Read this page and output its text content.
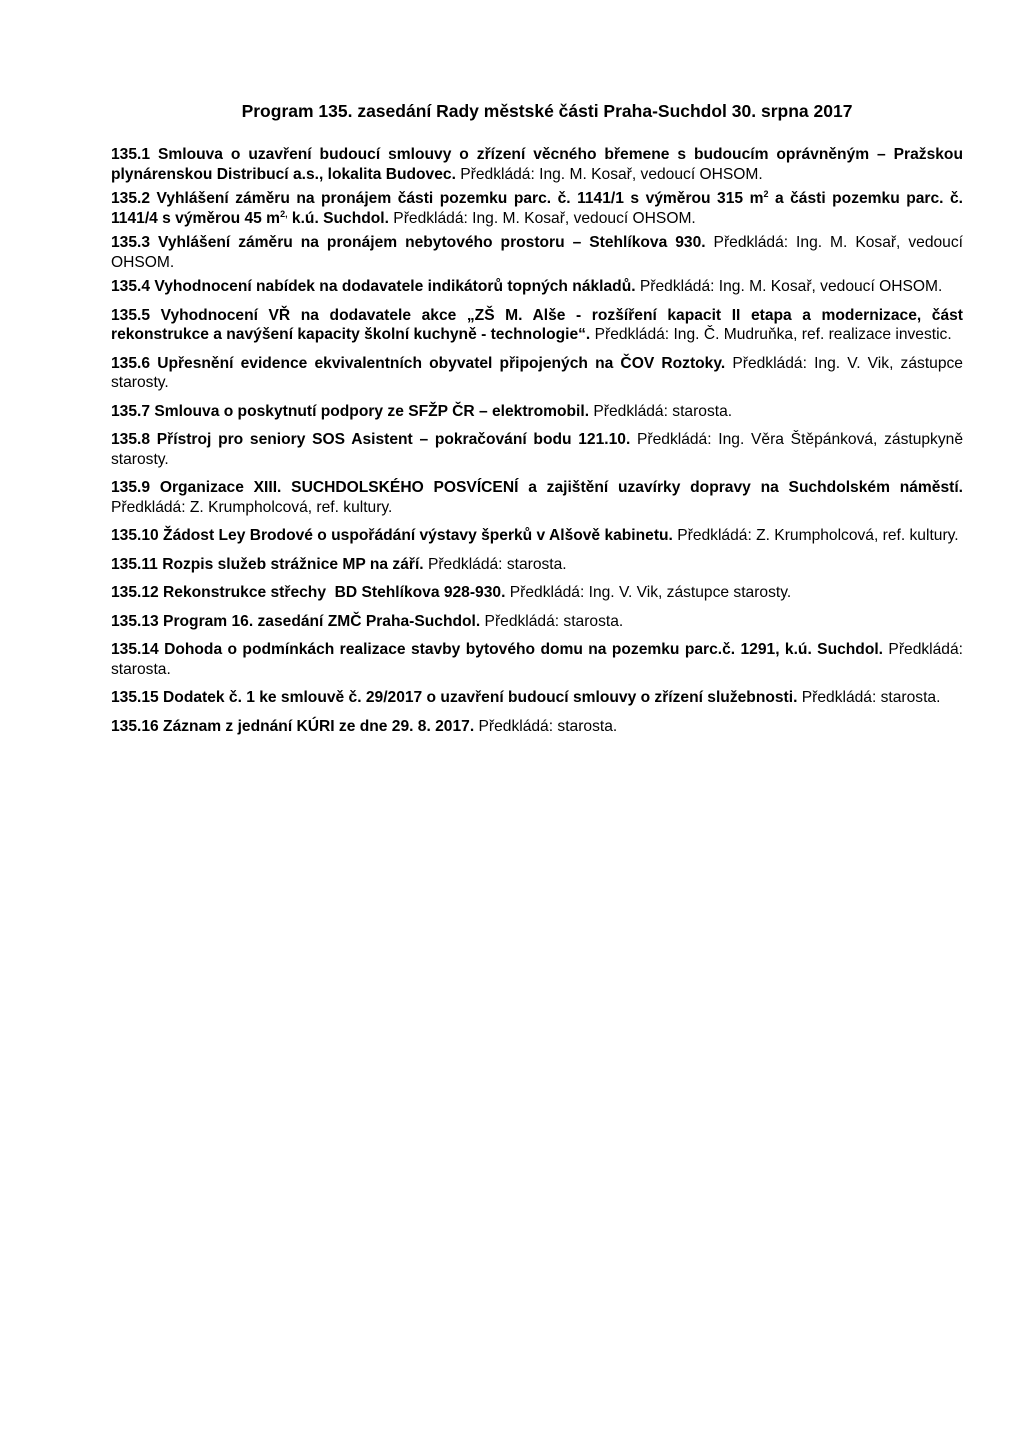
Program 135. zasedání Rady městské části Praha-Suchdol 30. srpna 2017
135.1 Smlouva o uzavření budoucí smlouvy o zřízení věcného břemene s budoucím oprávněným – Pražskou plynárenskou Distribucí a.s., lokalita Budovec. Předkládá: Ing. M. Kosař, vedoucí OHSOM.
135.2 Vyhlášení záměru na pronájem části pozemku parc. č. 1141/1 s výměrou 315 $m^2$ a části pozemku parc. č. 1141/4 s výměrou 45 $m^{2,}$ k.ú. Suchdol. Předkládá: Ing. M. Kosař, vedoucí OHSOM.
135.3 Vyhlášení záměru na pronájem nebytového prostoru – Stehlíkova 930. Předkládá: Ing. M. Kosař, vedoucí OHSOM.
135.4 Vyhodnocení nabídek na dodavatele indikátorů topných nákladů. Předkládá: Ing. M. Kosař, vedoucí OHSOM.
135.5 Vyhodnocení VŘ na dodavatele akce „ZŠ M. Alše - rozšíření kapacit II etapa a modernizace, část rekonstrukce a navýšení kapacity školní kuchyně - technologie“. Předkládá: Ing. Č. Mudruňka, ref. realizace investic.
135.6 Upřesnění evidence ekvivalentních obyvatel připojených na ČOV Roztoky. Předkládá: Ing. V. Vik, zástupce starosty.
135.7 Smlouva o poskytnutí podpory ze SFŽP ČR – elektromobil. Předkládá: starosta.
135.8 Přístroj pro seniory SOS Asistent – pokračování bodu 121.10. Předkládá: Ing. Věra Štěpánková, zástupkyně starosty.
135.9 Organizace XIII. SUCHDOLSKÉHO POSVÍCENÍ a zajištění uzavírky dopravy na Suchdolském náměstí. Předkládá: Z. Krumpholcová, ref. kultury.
135.10 Žádost Ley Brodové o uspořádání výstavy šperků v Alšově kabinetu. Předkládá: Z. Krumpholcová, ref. kultury.
135.11 Rozpis služeb strážnice MP na září. Předkládá: starosta.
135.12 Rekonstrukce střechy  BD Stehlíkova 928-930. Předkládá: Ing. V. Vik, zástupce starosty.
135.13 Program 16. zasedání ZMČ Praha-Suchdol. Předkládá: starosta.
135.14 Dohoda o podmínkách realizace stavby bytového domu na pozemku parc.č. 1291, k.ú. Suchdol. Předkládá: starosta.
135.15 Dodatek č. 1 ke smlouvě č. 29/2017 o uzavření budoucí smlouvy o zřízení služebnosti. Předkládá: starosta.
135.16 Záznam z jednání KÚRI ze dne 29. 8. 2017. Předkládá: starosta.
